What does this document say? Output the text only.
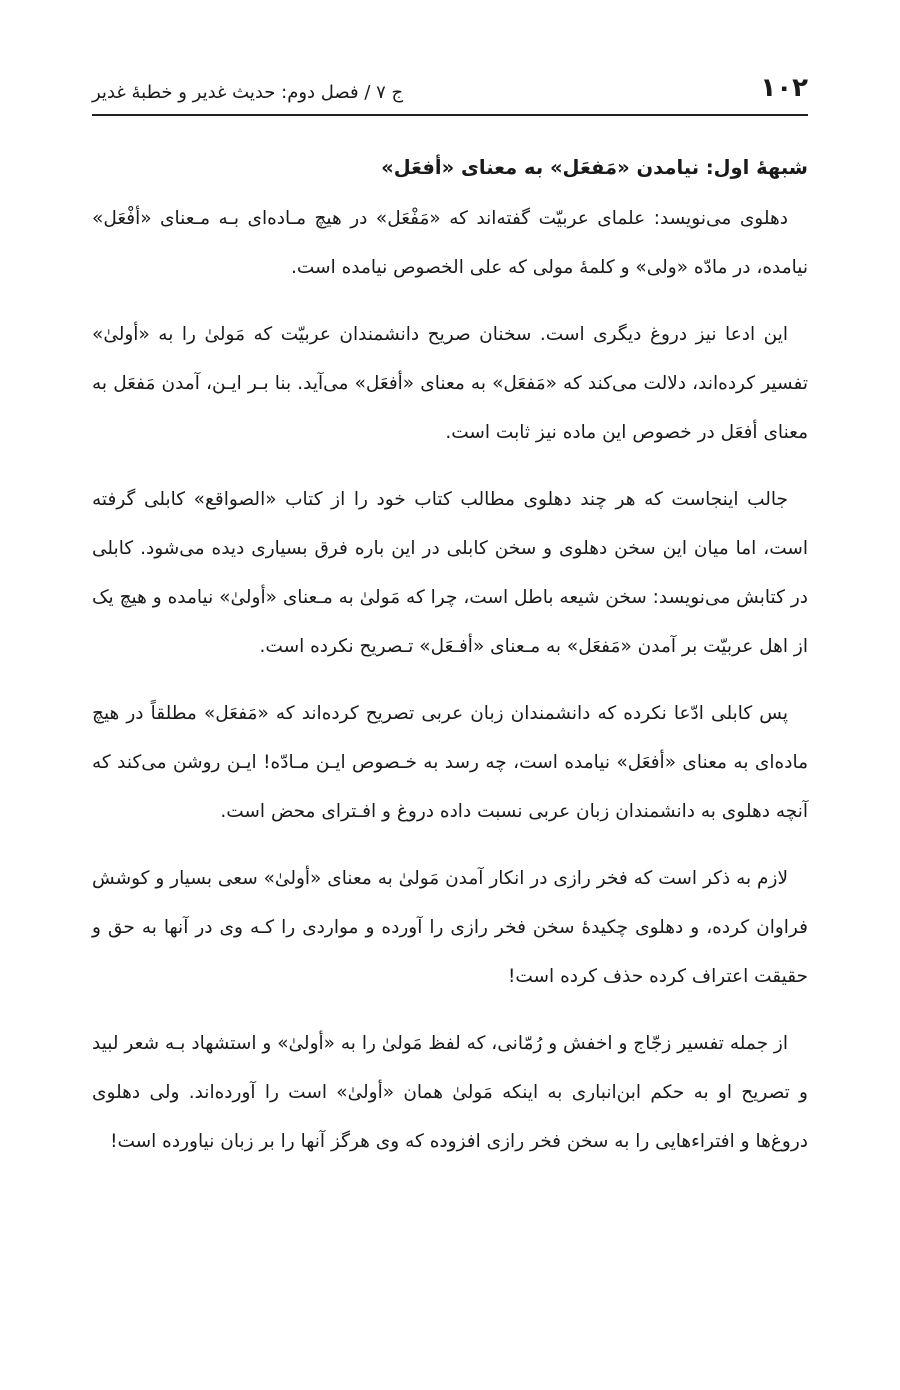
۱۰۲
ج ۷ / فصل دوم: حدیث غدیر و خطبۀ غدیر
شبهۀ اول: نیامدن «مَفعَل» به معنای «أفعَل»

دهلوی می‌نویسد: علمای عربیّت گفته‌اند که «مَفْعَل» در هیچ مـاده‌ای بـه مـعنای «أفْعَل» نیامده، در مادّه «ولی» و کلمۀ مولی که علی الخصوص نیامده است.

این ادعا نیز دروغ دیگری است. سخنان صریح دانشمندان عربیّت که مَولیٰ را به «أولیٰ» تفسیر کرده‌اند، دلالت می‌کند که «مَفعَل» به معنای «أفعَل» می‌آید. بنا بـر ایـن، آمدن مَفعَل به معنای أفعَل در خصوص این ماده نیز ثابت است.

جالب اینجاست که هر چند دهلوی مطالب کتاب خود را از کتاب «الصواقع» کابلی گرفته است، اما میان این سخن دهلوی و سخن کابلی در این باره فرق بسیاری دیده می‌شود. کابلی در کتابش می‌نویسد: سخن شیعه باطل است، چرا که مَولیٰ به مـعنای «أولیٰ» نیامده و هیچ یک از اهل عربیّت بر آمدن «مَفعَل» به مـعنای «أفـعَل» تـصریح نکرده است.

پس کابلی ادّعا نکرده که دانشمندان زبان عربی تصریح کرده‌اند که «مَفعَل» مطلقاً در هیچ ماده‌ای به معنای «أفعَل» نیامده است، چه رسد به خـصوص ایـن مـادّه! ایـن روشن می‌کند که آنچه دهلوی به دانشمندان زبان عربی نسبت داده دروغ و افـترای محض است.

لازم به ذکر است که فخر رازی در انکار آمدن مَولیٰ به معنای «أولیٰ» سعی بسیار و کوشش فراوان کرده، و دهلوی چکیدۀ سخن فخر رازی را آورده و مواردی را کـه وی در آنها به حق و حقیقت اعتراف کرده حذف کرده است!

از جمله تفسیر زجّاج و اخفش و رُمّانی، که لفظ مَولیٰ را به «أولیٰ» و استشهاد بـه شعر لبید و تصریح او به حکم ابن‌انباری به اینکه مَولیٰ همان «أولیٰ» است را آورده‌اند. ولی دهلوی دروغ‌ها و افتراءهایی را به سخن فخر رازی افزوده که وی هرگز آنها را بر زبان نیاورده است!
